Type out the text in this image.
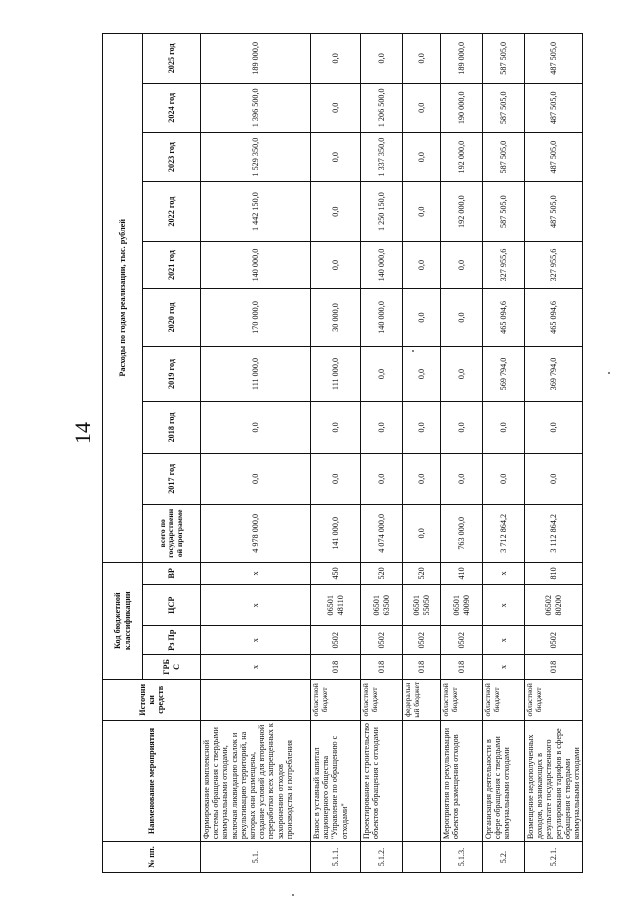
14
№ пп.	Наименование мероприятия	Источники средств	Код бюджетной классификации				Расходы по годам реализации, тыс. рублей									
			ГРБС	Рз Пр	ЦСР	ВР	всего по государственной программе	2017 год	2018 год	2019 год	2020 год	2021 год	2022 год	2023 год	2024 год	2025 год
5.1.	Формирование комплексной системы обращения с твердыми коммунальными отходами, включая ликвидацию свалок и рекультивацию территорий, на которых они размещены, создание условий для вторичной переработки всех запрещенных к захоронению отходов производства и потребления		х	х	х	х	4 978 000,0	0,0	0,0	111 000,0	170 000,0	140 000,0	1 442 150,0	1 529 350,0	1 396 500,0	189 000,0
5.1.1.	Взнос в уставный капитал акционерного общества "Управление по обращению с отходами"	областной бюджет	018	0502	06501 48110	450	141 000,0	0,0	0,0	111 000,0	30 000,0	0,0	0,0	0,0	0,0	0,0
5.1.2.	Проектирование и строительство объектов обращения с отходами	областной бюджет	018	0502	06501 63500	520	4 074 000,0	0,0	0,0	0,0	140 000,0	140 000,0	1 250 150,0	1 337 350,0	1 206 500,0	0,0
		федеральный бюджет	018	0502	06501 55050	520	0,0	0,0	0,0	0,0	0,0	0,0	0,0	0,0	0,0	0,0
5.1.3.	Мероприятия по рекультивации объектов размещения отходов	областной бюджет	018	0502	06501 40090	410	763 000,0	0,0	0,0	0,0	0,0	0,0	192 000,0	192 000,0	190 000,0	189 000,0
5.2.	Организация деятельности в сфере обращения с твердыми коммунальными отходами	областной бюджет	х	х	х	х	3 712 864,2	0,0	0,0	569 794,0	465 094,6	327 955,6	587 505,0	587 505,0	587 505,0	587 505,0
5.2.1.	Возмещение недополученных доходов, возникающих в результате государственного регулирования тарифов в сфере обращения с твердыми коммунальными отходами	областной бюджет	018	0502	06502 80200	810	3 112 864,2	0,0	0,0	369 794,0	465 094,6	327 955,6	487 505,0	487 505,0	487 505,0	487 505,0
